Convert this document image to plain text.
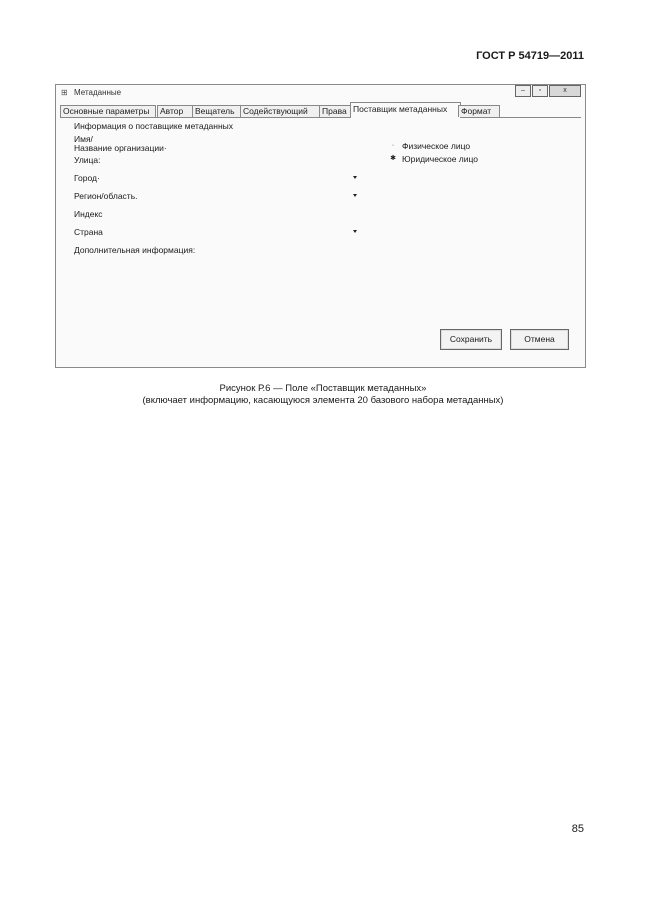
ГОСТ Р 54719—2011
⊞ Метаданные	–	▫	x
Основные параметры	Автор	Вещатель Содействующий	Права Поставщик метаданных	Формат
Информация о поставщике метаданных
Имя/
Название организации·
Улица:
Город·
Регион/область.
Индекс
Страна
Дополнительная информация:
· Физическое лицо
✱ Юридическое лицо
Сохранить	Отмена
Рисунок Р.6 — Поле «Поставщик метаданных»
(включает информацию, касающуюся элемента 20 базового набора метаданных)
85
